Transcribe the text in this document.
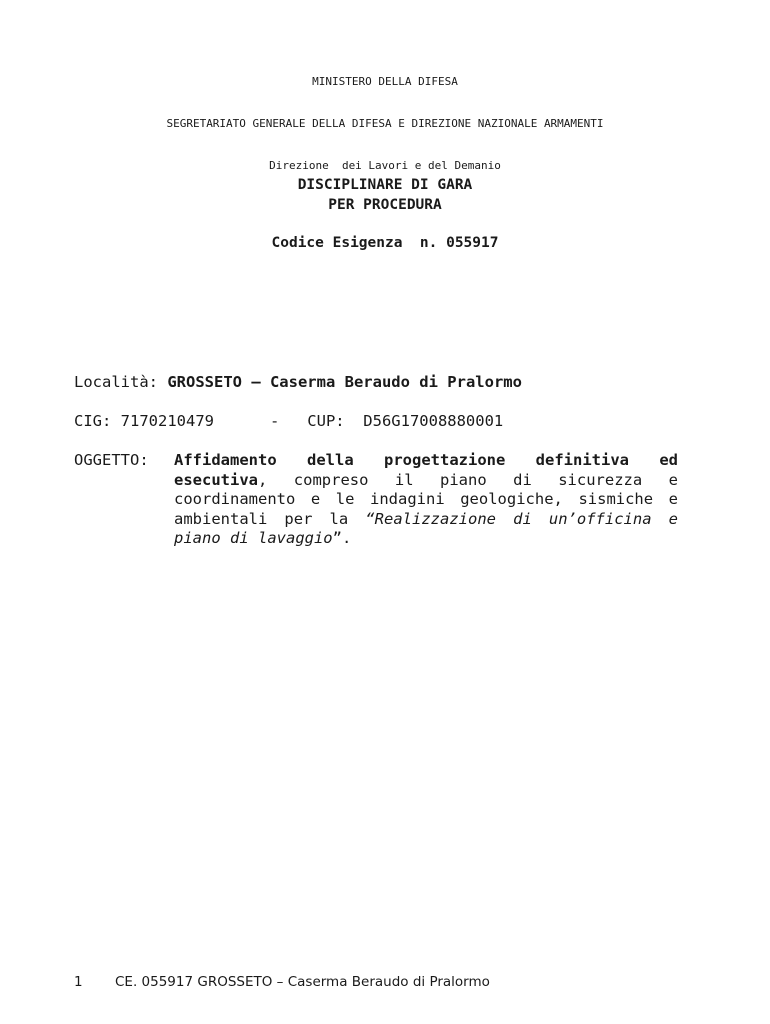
MINISTERO DELLA DIFESA

SEGRETARIATO GENERALE DELLA DIFESA E DIREZIONE NAZIONALE ARMAMENTI

Direzione  dei Lavori e del Demanio

DISCIPLINARE DI GARA
PER PROCEDURA
Codice Esigenza  n. 055917
Località: GROSSETO – Caserma Beraudo di Pralormo
CIG: 7170210479      -   CUP:  D56G17008880001
OGGETTO: Affidamento della progettazione definitiva ed esecutiva, compreso il piano di sicurezza e coordinamento e le indagini geologiche, sismiche e ambientali per la “Realizzazione di un’officina e piano di lavaggio”.
1 CE. 055917 GROSSETO – Caserma Beraudo di Pralormo
